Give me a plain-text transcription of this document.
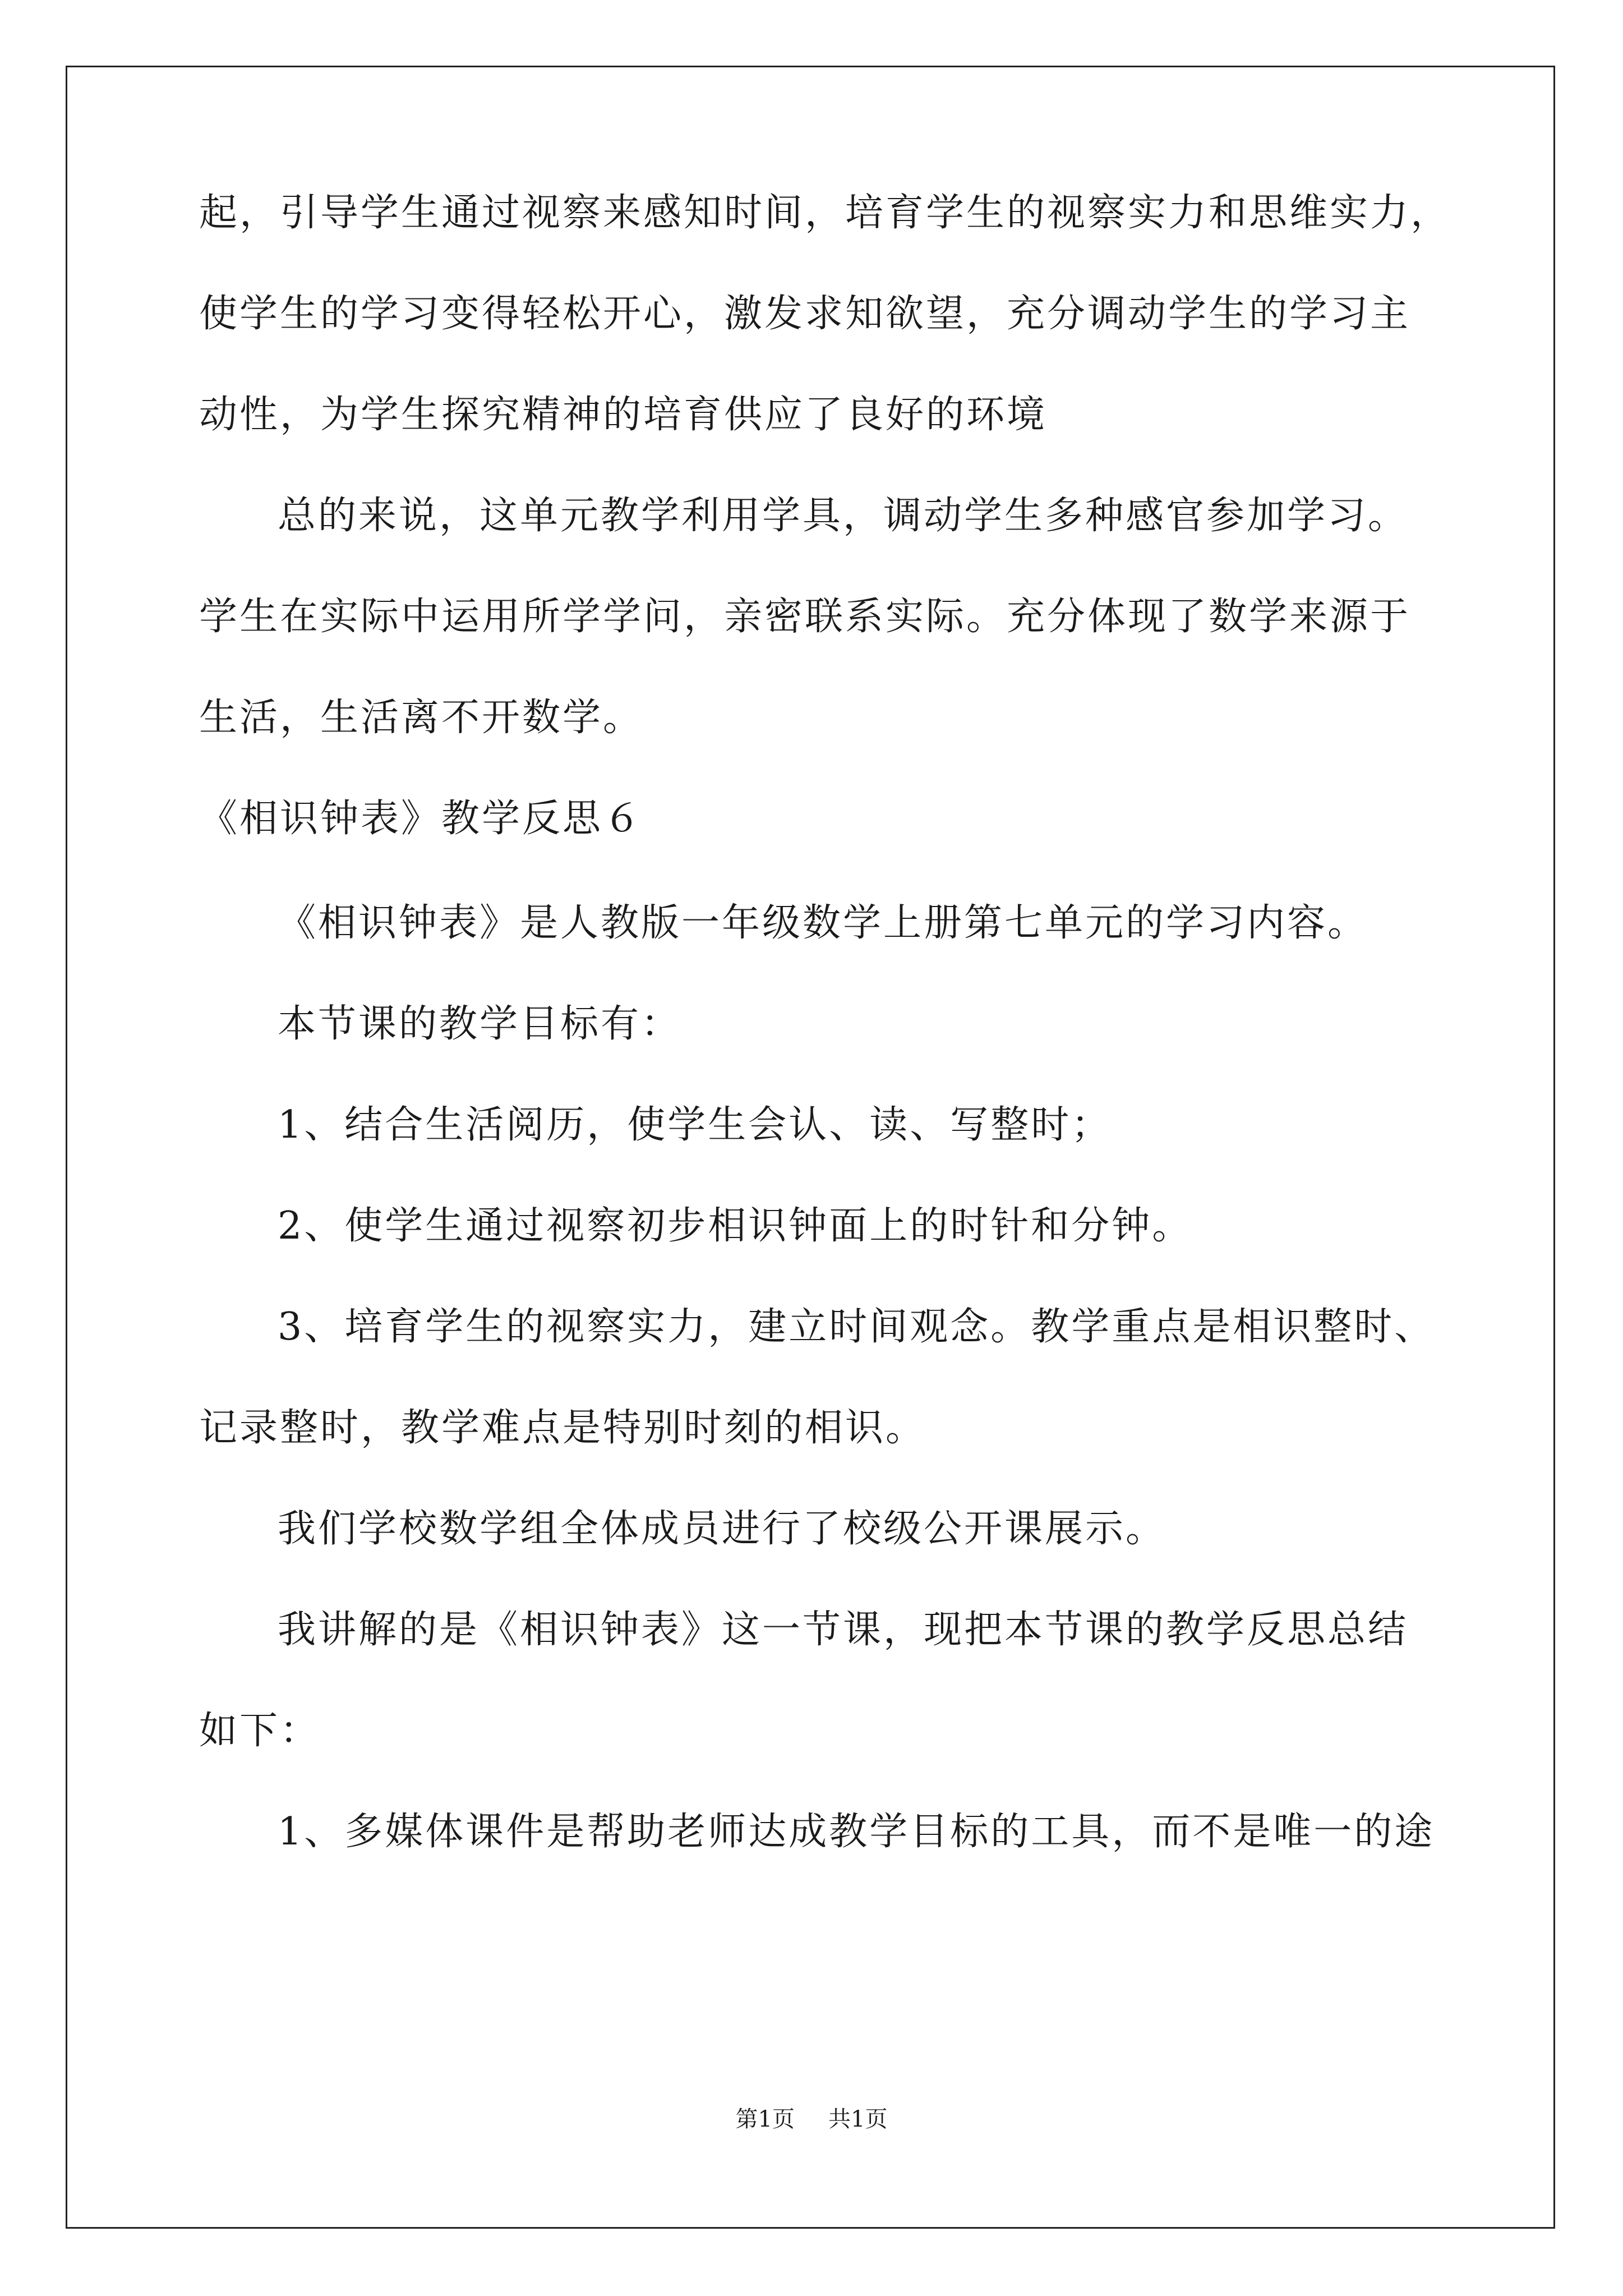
起，引导学生通过视察来感知时间，培育学生的视察实力和思维实力，
使学生的学习变得轻松开心，激发求知欲望，充分调动学生的学习主
动性，为学生探究精神的培育供应了良好的环境
总的来说，这单元教学利用学具，调动学生多种感官参加学习。
学生在实际中运用所学学问，亲密联系实际。充分体现了数学来源于
生活，生活离不开数学。
《相识钟表》教学反思６
《相识钟表》是人教版一年级数学上册第七单元的学习内容。
本节课的教学目标有：
1、结合生活阅历，使学生会认、读、写整时；
2、使学生通过视察初步相识钟面上的时针和分钟。
3、培育学生的视察实力，建立时间观念。教学重点是相识整时、
记录整时，教学难点是特别时刻的相识。
我们学校数学组全体成员进行了校级公开课展示。
我讲解的是《相识钟表》这一节课，现把本节课的教学反思总结
如下：
1、多媒体课件是帮助老师达成教学目标的工具，而不是唯一的途
第1页 共1页
